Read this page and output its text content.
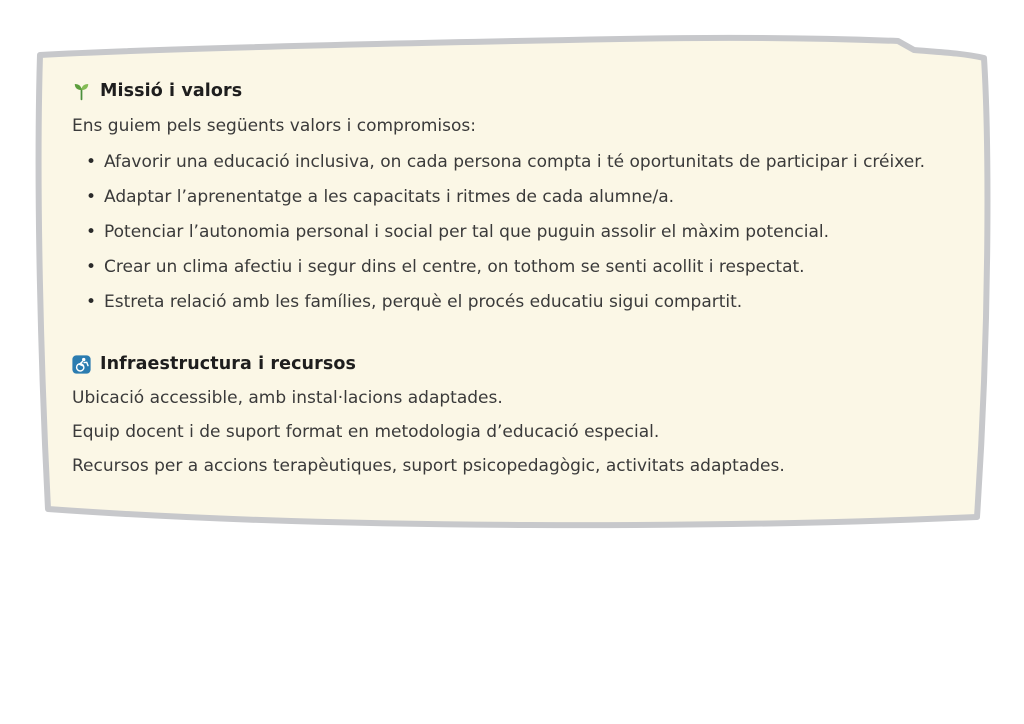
Missió i valors
Ens guiem pels següents valors i compromisos:
• Afavorir una educació inclusiva, on cada persona compta i té oportunitats de participar i créixer.
• Adaptar l’aprenentatge a les capacitats i ritmes de cada alumne/a.
• Potenciar l’autonomia personal i social per tal que puguin assolir el màxim potencial.
• Crear un clima afectiu i segur dins el centre, on tothom se senti acollit i respectat.
• Estreta relació amb les famílies, perquè el procés educatiu sigui compartit.
Infraestructura i recursos
Ubicació accessible, amb instal·lacions adaptades.
Equip docent i de suport format en metodologia d’educació especial.
Recursos per a accions terapèutiques, suport psicopedagògic, activitats adaptades.
